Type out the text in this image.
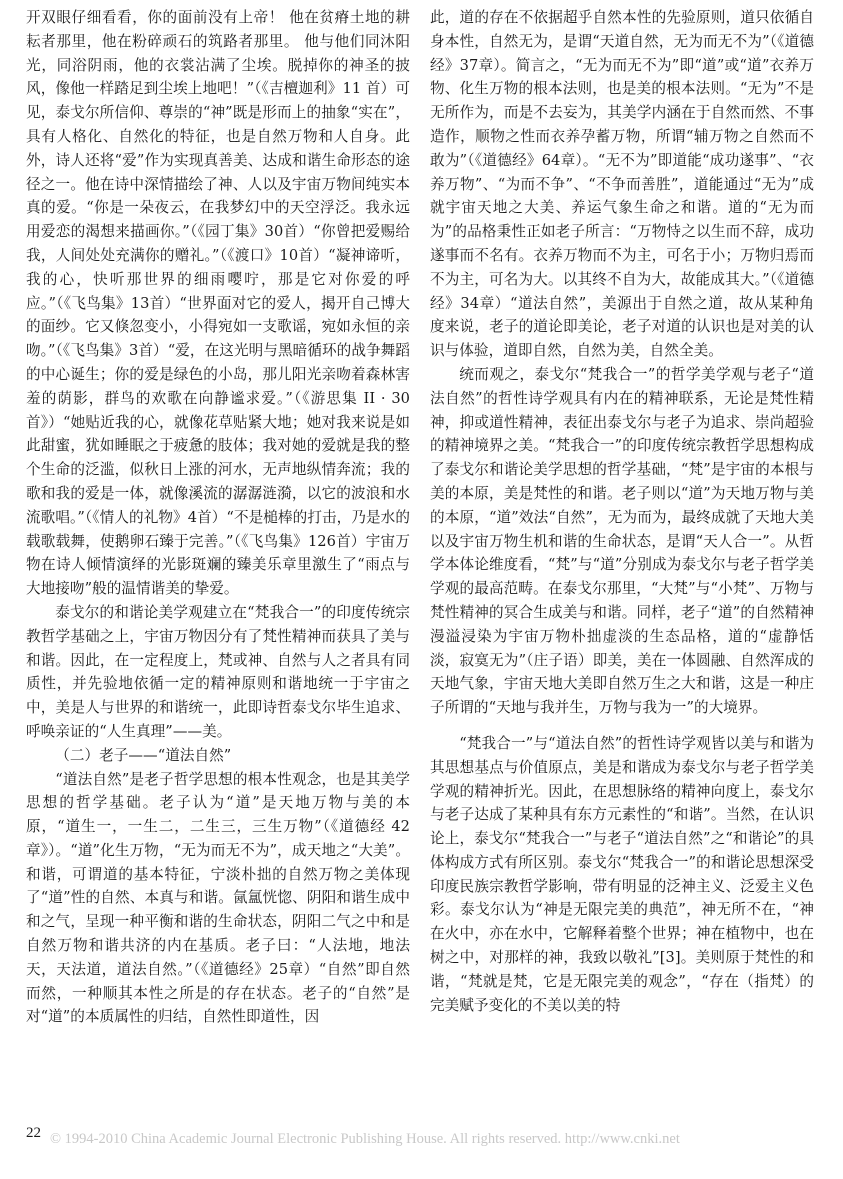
开双眼仔细看看，你的面前没有上帝！ 他在贫瘠土地的耕耘者那里，他在粉碎顽石的筑路者那里。 他与他们同沐阳光，同浴阴雨，他的衣裳沾满了尘埃。脱掉你的神圣的披风，像他一样踏足到尘埃上地吧！”（《吉檀迦利》11 首）可见，泰戈尔所信仰、尊崇的“神”既是形而上的抽象“实在”，具有人格化、自然化的特征，也是自然万物和人自身。此外，诗人还将“爱”作为实现真善美、达成和谐生命形态的途径之一。他在诗中深情描绘了神、人以及宇宙万物间纯实本真的爱。“你是一朵夜云，在我梦幻中的天空浮泛。我永远用爱恋的渴想来描画你。”（《园丁集》30首）“你曾把爱赐给我，人间处处充满你的赠礼。”（《渡口》10首）“凝神谛听，我的心，快听那世界的细雨嘤咛，那是它对你爱的呼应。”（《飞鸟集》13首）“世界面对它的爱人，揭开自己博大的面纱。它又倏忽变小，小得宛如一支歌谣，宛如永恒的亲吻。”（《飞鸟集》3首）“爱，在这光明与黑暗循环的战争舞蹈的中心诞生；你的爱是绿色的小岛，那儿阳光亲吻着森林害羞的荫影，群鸟的欢歌在向静谧求爱。”（《游思集 II · 30首》）“她贴近我的心，就像花草贴紧大地；她对我来说是如此甜蜜，犹如睡眠之于疲惫的肢体；我对她的爱就是我的整个生命的泛滥，似秋日上涨的河水，无声地纵情奔流；我的歌和我的爱是一体，就像溪流的潺潺涟漪，以它的波浪和水流歌唱。”（《情人的礼物》4首）“不是槌棒的打击，乃是水的载歌载舞，使鹅卵石臻于完善。”（《飞鸟集》126首）宇宙万物在诗人倾情演绎的光影斑斓的臻美乐章里激生了“雨点与大地接吻”般的温情谐美的挚爱。

泰戈尔的和谐论美学观建立在“梵我合一”的印度传统宗教哲学基础之上，宇宙万物因分有了梵性精神而获具了美与和谐。因此，在一定程度上，梵或神、自然与人之者具有同质性，并先验地依循一定的精神原则和谐地统一于宇宙之中，美是人与世界的和谐统一，此即诗哲泰戈尔毕生追求、呼唤亲证的“人生真理”——美。

（二）老子——“道法自然”

“道法自然”是老子哲学思想的根本性观念，也是其美学思想的哲学基础。老子认为“道”是天地万物与美的本原，“道生一，一生二，二生三，三生万物”（《道德经 42章》）。“道”化生万物，“无为而无不为”，成天地之“大美”。和谐，可谓道的基本特征，宁淡朴拙的自然万物之美体现了“道”性的自然、本真与和谐。氤氲恍惚、阴阳和谐生成中和之气，呈现一种平衡和谐的生命状态，阴阳二气之中和是自然万物和谐共济的内在基质。老子曰：“人法地，地法天，天法道，道法自然。”（《道德经》25章）“自然”即自然而然，一种顺其本性之所是的存在状态。老子的“自然”是对“道”的本质属性的归结，自然性即道性，因

此，道的存在不依据超乎自然本性的先验原则，道只依循自身本性，自然无为，是谓“天道自然，无为而无不为”（《道德经》37章）。简言之，“无为而无不为”即“道”或“道”衣养万物、化生万物的根本法则，也是美的根本法则。“无为”不是无所作为，而是不去妄为，其美学内涵在于自然而然、不事造作，顺物之性而衣养孕蓄万物，所谓“辅万物之自然而不敢为”（《道德经》64章）。“无不为”即道能“成功遂事”、“衣养万物”、“为而不争”、“不争而善胜”，道能通过“无为”成就宇宙天地之大美、养运气象生命之和谐。道的“无为而为”的品格秉性正如老子所言：“万物恃之以生而不辞，成功遂事而不名有。衣养万物而不为主，可名于小；万物归焉而不为主，可名为大。以其终不自为大，故能成其大。”（《道德经》34章）“道法自然”，美源出于自然之道，故从某种角度来说，老子的道论即美论，老子对道的认识也是对美的认识与体验，道即自然，自然为美，自然全美。

统而观之，泰戈尔“梵我合一”的哲学美学观与老子“道法自然”的哲性诗学观具有内在的精神联系，无论是梵性精神，抑或道性精神，表征出泰戈尔与老子为追求、崇尚超验的精神境界之美。“梵我合一”的印度传统宗教哲学思想构成了泰戈尔和谐论美学思想的哲学基础，“梵”是宇宙的本根与美的本原，美是梵性的和谐。老子则以“道”为天地万物与美的本原，“道”效法“自然”，无为而为，最终成就了天地大美以及宇宙万物生机和谐的生命状态，是谓“天人合一”。从哲学本体论维度看，“梵”与“道”分别成为泰戈尔与老子哲学美学观的最高范畴。在泰戈尔那里，“大梵”与“小梵”、万物与梵性精神的冥合生成美与和谐。同样，老子“道”的自然精神漫溢浸染为宇宙万物朴拙虚淡的生态品格，道的“虚静恬淡，寂寞无为”（庄子语）即美，美在一体圆融、自然浑成的天地气象，宇宙天地大美即自然万生之大和谐，这是一种庄子所谓的“天地与我并生，万物与我为一”的大境界。

“梵我合一”与“道法自然”的哲性诗学观皆以美与和谐为其思想基点与价值原点，美是和谐成为泰戈尔与老子哲学美学观的精神折光。因此，在思想脉络的精神向度上，泰戈尔与老子达成了某种具有东方元素性的“和谐”。当然，在认识论上，泰戈尔“梵我合一”与老子“道法自然”之“和谐论”的具体构成方式有所区别。泰戈尔“梵我合一”的和谐论思想深受印度民族宗教哲学影响，带有明显的泛神主义、泛爱主义色彩。泰戈尔认为“神是无限完美的典范”，神无所不在，“神在火中，亦在水中，它解释着整个世界；神在植物中，也在树之中，对那样的神，我致以敬礼”[3]。美则原于梵性的和谐，“梵就是梵，它是无限完美的观念”，“存在（指梵）的完美赋予变化的不美以美的特

22 © 1994-2010 China Academic Journal Electronic Publishing House. All rights reserved. http://www.cnki.net
